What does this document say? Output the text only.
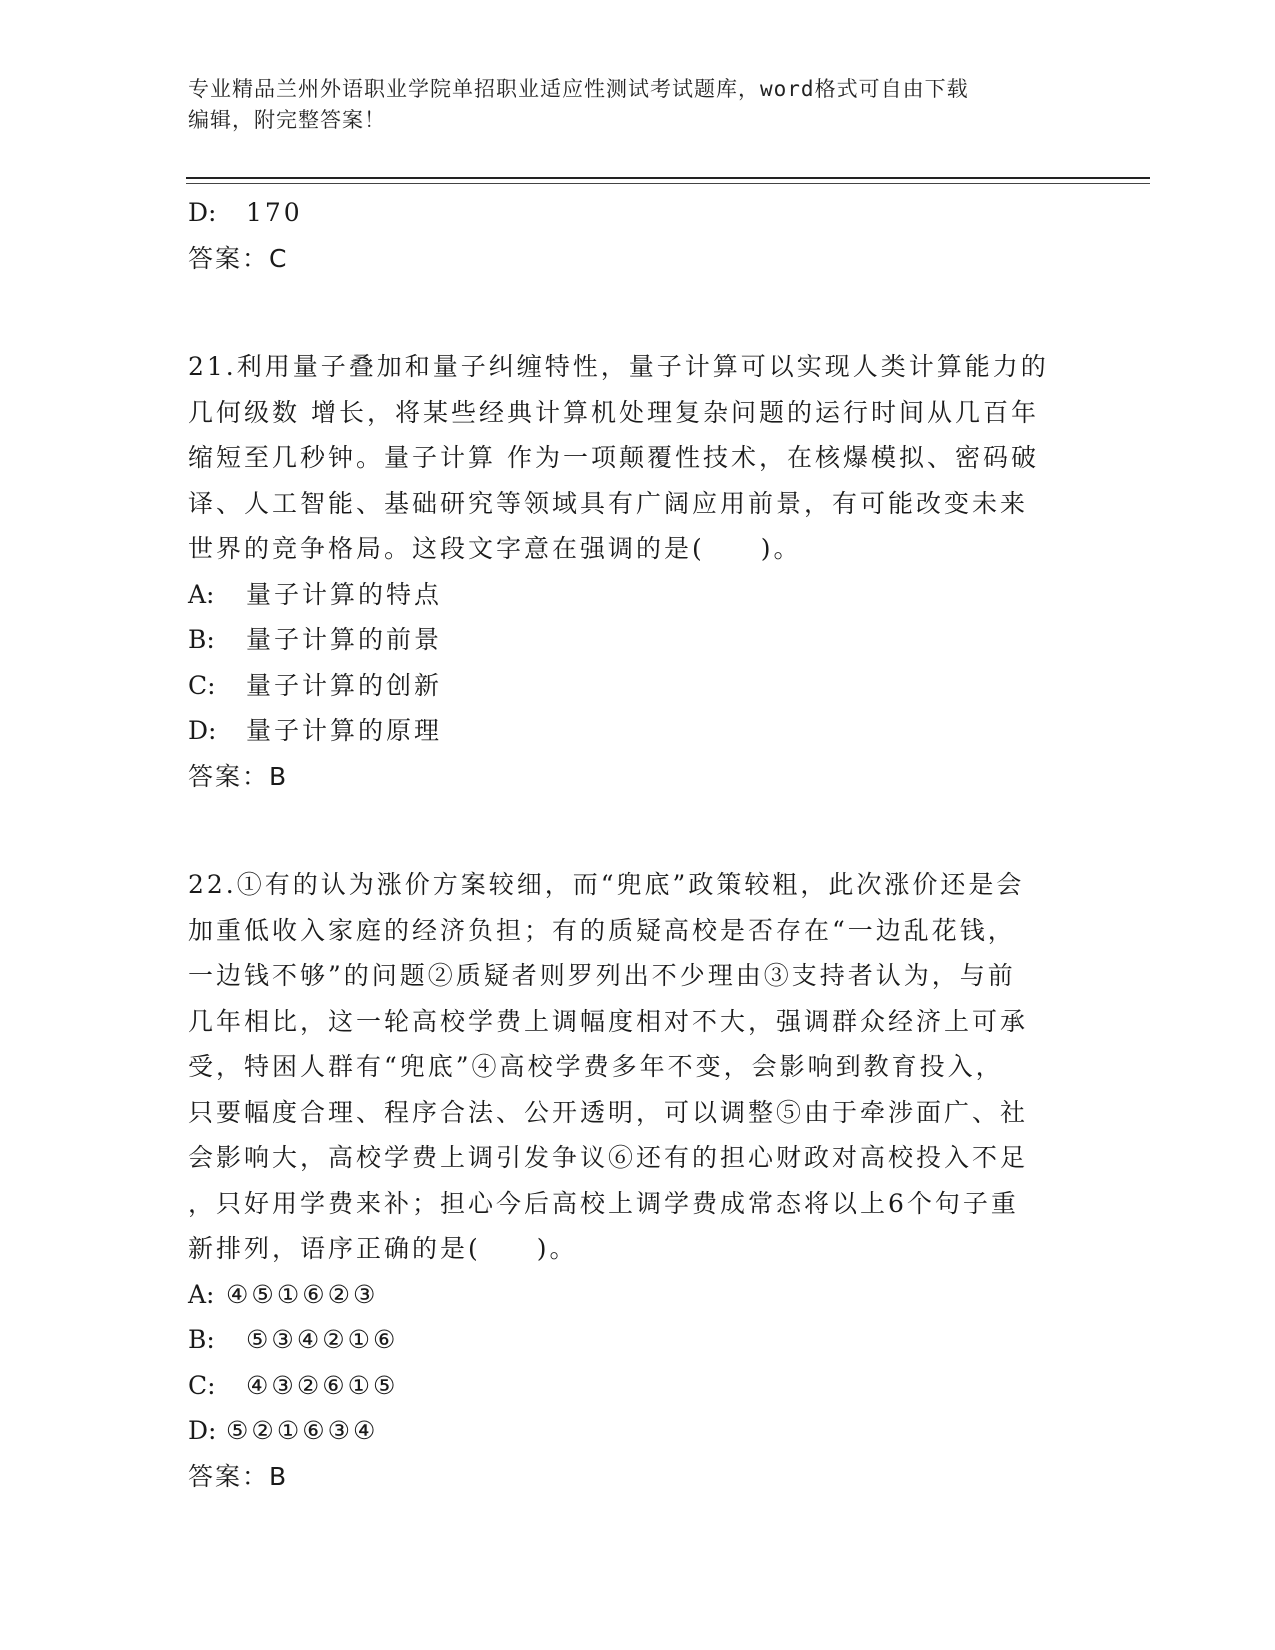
专业精品兰州外语职业学院单招职业适应性测试考试题库，word格式可自由下载
编辑，附完整答案！
D: 170
答案：C
21.利用量子叠加和量子纠缠特性，量子计算可以实现人类计算能力的
几何级数 增长，将某些经典计算机处理复杂问题的运行时间从几百年
缩短至几秒钟。量子计算 作为一项颠覆性技术，在核爆模拟、密码破
译、人工智能、基础研究等领域具有广阔应用前景，有可能改变未来
世界的竞争格局。这段文字意在强调的是(　　)。
A: 量子计算的特点
B: 量子计算的前景
C: 量子计算的创新
D: 量子计算的原理
答案：B
22.①有的认为涨价方案较细，而“兜底”政策较粗，此次涨价还是会
加重低收入家庭的经济负担；有的质疑高校是否存在“一边乱花钱，
一边钱不够”的问题②质疑者则罗列出不少理由③支持者认为，与前
几年相比，这一轮高校学费上调幅度相对不大，强调群众经济上可承
受，特困人群有“兜底”④高校学费多年不变，会影响到教育投入，
只要幅度合理、程序合法、公开透明，可以调整⑤由于牵涉面广、社
会影响大，高校学费上调引发争议⑥还有的担心财政对高校投入不足
，只好用学费来补；担心今后高校上调学费成常态将以上6个句子重
新排列，语序正确的是(　　)。
A: ④⑤①⑥②③
B: ⑤③④②①⑥
C: ④③②⑥①⑤
D: ⑤②①⑥③④
答案：B
